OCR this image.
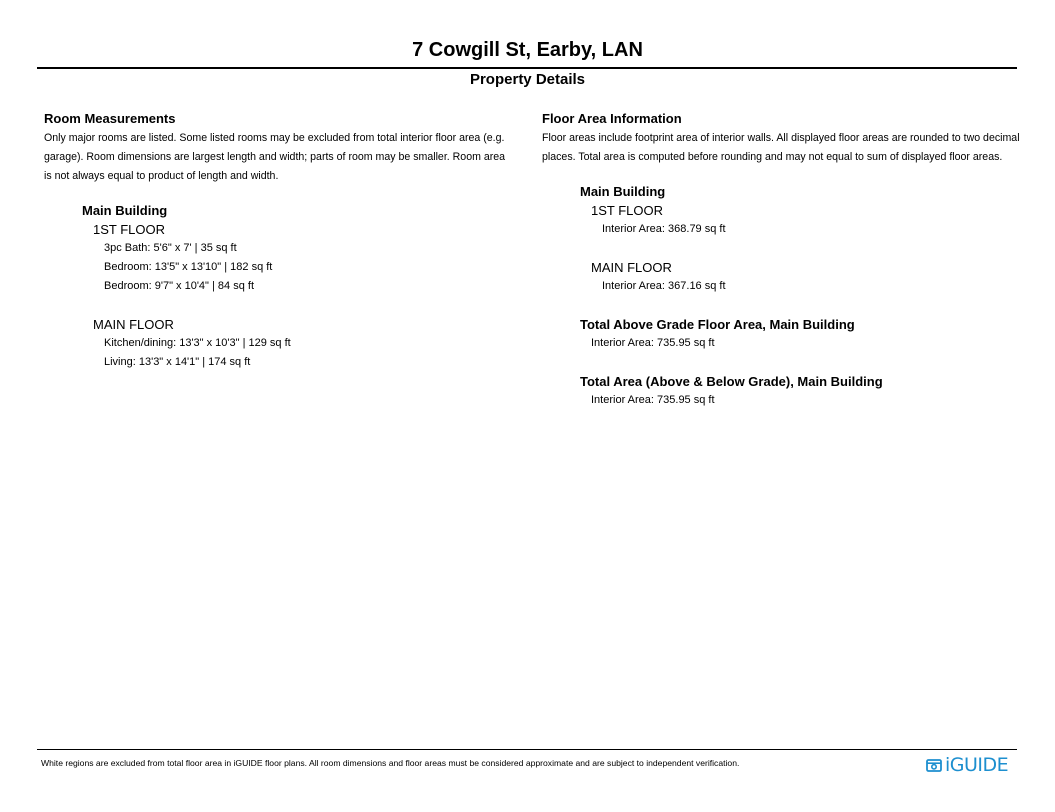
7 Cowgill St, Earby, LAN
Property Details
Room Measurements
Only major rooms are listed. Some listed rooms may be excluded from total interior floor area (e.g. garage). Room dimensions are largest length and width; parts of room may be smaller. Room area is not always equal to product of length and width.
Main Building
1ST FLOOR
3pc Bath: 5'6" x 7' | 35 sq ft
Bedroom: 13'5" x 13'10" | 182 sq ft
Bedroom: 9'7" x 10'4" | 84 sq ft
MAIN FLOOR
Kitchen/dining: 13'3" x 10'3" | 129 sq ft
Living: 13'3" x 14'1" | 174 sq ft
Floor Area Information
Floor areas include footprint area of interior walls. All displayed floor areas are rounded to two decimal places. Total area is computed before rounding and may not equal to sum of displayed floor areas.
Main Building
1ST FLOOR
Interior Area: 368.79 sq ft
MAIN FLOOR
Interior Area: 367.16 sq ft
Total Above Grade Floor Area, Main Building
Interior Area: 735.95 sq ft
Total Area (Above & Below Grade), Main Building
Interior Area: 735.95 sq ft
White regions are excluded from total floor area in iGUIDE floor plans. All room dimensions and floor areas must be considered approximate and are subject to independent verification.	iGUIDE
